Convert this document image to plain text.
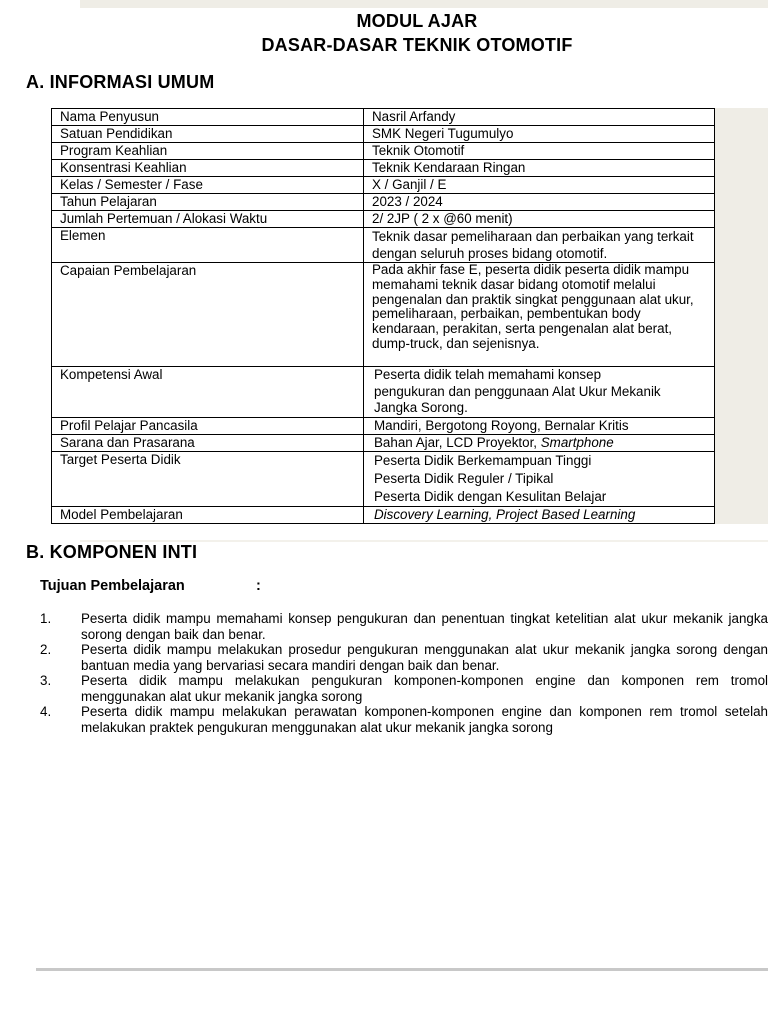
MODUL AJAR
DASAR-DASAR TEKNIK OTOMOTIF
A. INFORMASI UMUM
Nama Penyusun	Nasril Arfandy
Satuan Pendidikan	SMK Negeri Tugumulyo
Program Keahlian	Teknik Otomotif
Konsentrasi Keahlian	Teknik Kendaraan Ringan
Kelas / Semester / Fase	X / Ganjil / E
Tahun Pelajaran	2023 / 2024
Jumlah Pertemuan / Alokasi Waktu	2/ 2JP ( 2 x @60 menit)
Elemen	Teknik dasar pemeliharaan dan perbaikan yang terkait dengan seluruh proses bidang otomotif.
Capaian Pembelajaran	Pada akhir fase E, peserta didik peserta didik mampu memahami teknik dasar bidang otomotif melalui pengenalan dan praktik singkat penggunaan alat ukur, pemeliharaan, perbaikan, pembentukan body kendaraan, perakitan, serta pengenalan alat berat, dump-truck, dan sejenisnya.
Kompetensi Awal	Peserta didik telah memahami konsep pengukuran dan penggunaan Alat Ukur Mekanik Jangka Sorong.
Profil Pelajar Pancasila	Mandiri, Bergotong Royong, Bernalar Kritis
Sarana dan Prasarana	Bahan Ajar, LCD Proyektor, Smartphone
Target Peserta Didik	Peserta Didik Berkemampuan Tinggi
Peserta Didik Reguler / Tipikal
Peserta Didik dengan Kesulitan Belajar

Model Pembelajaran	Discovery Learning, Project Based Learning
B. KOMPONEN INTI
Tujuan Pembelajaran	:
1. Peserta didik mampu memahami konsep pengukuran dan penentuan tingkat ketelitian alat ukur mekanik jangka sorong dengan baik dan benar.
2. Peserta didik mampu melakukan prosedur pengukuran menggunakan alat ukur mekanik jangka sorong dengan bantuan media yang bervariasi secara mandiri dengan baik dan benar.
3. Peserta didik mampu melakukan pengukuran komponen-komponen engine dan komponen rem tromol menggunakan alat ukur mekanik jangka sorong
4. Peserta didik mampu melakukan perawatan komponen-komponen engine dan komponen rem tromol setelah melakukan praktek pengukuran menggunakan alat ukur mekanik jangka sorong
